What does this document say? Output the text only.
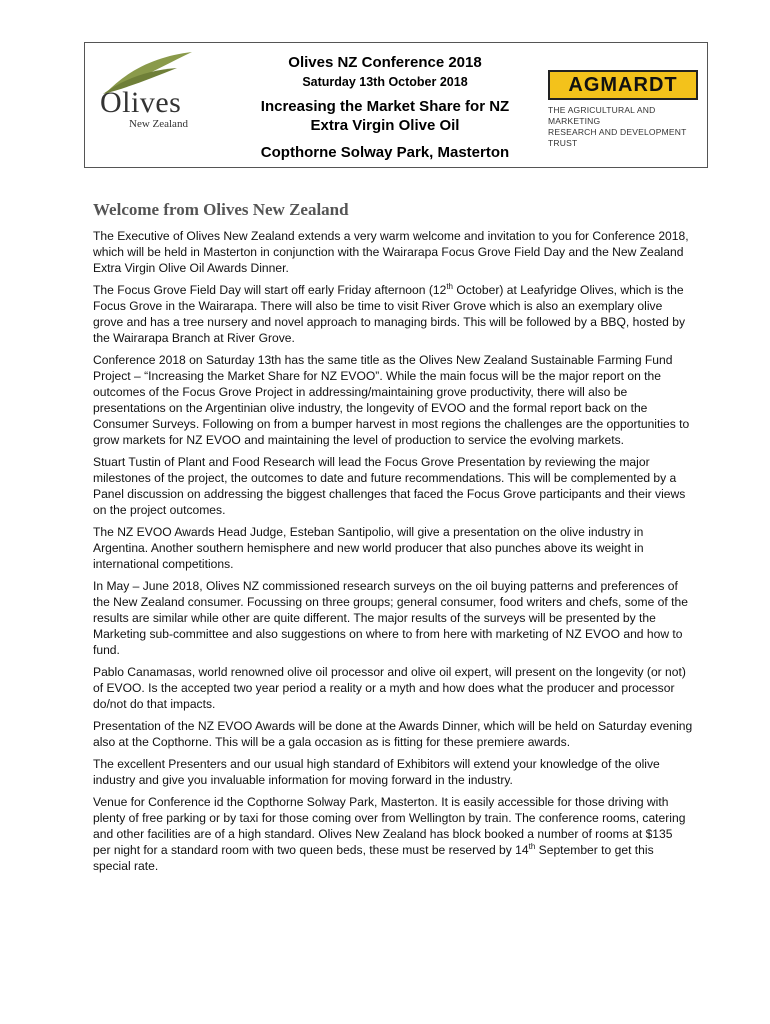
Olives
New Zealand
Olives NZ Conference 2018
Saturday 13th October 2018
Increasing the Market Share for NZ
Extra Virgin Olive Oil
Copthorne Solway Park, Masterton
AGMARDT
THE AGRICULTURAL AND MARKETING
RESEARCH AND DEVELOPMENT TRUST
Welcome from Olives New Zealand

The Executive of Olives New Zealand extends a very warm welcome and invitation to you for Conference 2018, which will be held in Masterton in conjunction with the Wairarapa Focus Grove Field Day and the New Zealand Extra Virgin Olive Oil Awards Dinner.

The Focus Grove Field Day will start off early Friday afternoon (12th October) at Leafyridge Olives, which is the Focus Grove in the Wairarapa. There will also be time to visit River Grove which is also an exemplary olive grove and has a tree nursery and novel approach to managing birds. This will be followed by a BBQ, hosted by the Wairarapa Branch at River Grove.

Conference 2018 on Saturday 13th has the same title as the Olives New Zealand Sustainable Farming Fund Project – “Increasing the Market Share for NZ EVOO”. While the main focus will be the major report on the outcomes of the Focus Grove Project in addressing/maintaining grove productivity, there will also be presentations on the Argentinian olive industry, the longevity of EVOO and the formal report back on the Consumer Surveys. Following on from a bumper harvest in most regions the challenges are the opportunities to grow markets for NZ EVOO and maintaining the level of production to service the evolving markets.

Stuart Tustin of Plant and Food Research will lead the Focus Grove Presentation by reviewing the major milestones of the project, the outcomes to date and future recommendations. This will be complemented by a Panel discussion on addressing the biggest challenges that faced the Focus Grove participants and their views on the project outcomes.

The NZ EVOO Awards Head Judge, Esteban Santipolio, will give a presentation on the olive industry in Argentina. Another southern hemisphere and new world producer that also punches above its weight in international competitions.

In May – June 2018, Olives NZ commissioned research surveys on the oil buying patterns and preferences of the New Zealand consumer. Focussing on three groups; general consumer, food writers and chefs, some of the results are similar while other are quite different. The major results of the surveys will be presented by the Marketing sub-committee and also suggestions on where to from here with marketing of NZ EVOO and how to fund.

Pablo Canamasas, world renowned olive oil processor and olive oil expert, will present on the longevity (or not) of EVOO. Is the accepted two year period a reality or a myth and how does what the producer and processor do/not do that impacts.

Presentation of the NZ EVOO Awards will be done at the Awards Dinner, which will be held on Saturday evening also at the Copthorne. This will be a gala occasion as is fitting for these premiere awards.

The excellent Presenters and our usual high standard of Exhibitors will extend your knowledge of the olive industry and give you invaluable information for moving forward in the industry.

Venue for Conference id the Copthorne Solway Park, Masterton. It is easily accessible for those driving with plenty of free parking or by taxi for those coming over from Wellington by train. The conference rooms, catering and other facilities are of a high standard. Olives New Zealand has block booked a number of rooms at $135 per night for a standard room with two queen beds, these must be reserved by 14th September to get this special rate.
